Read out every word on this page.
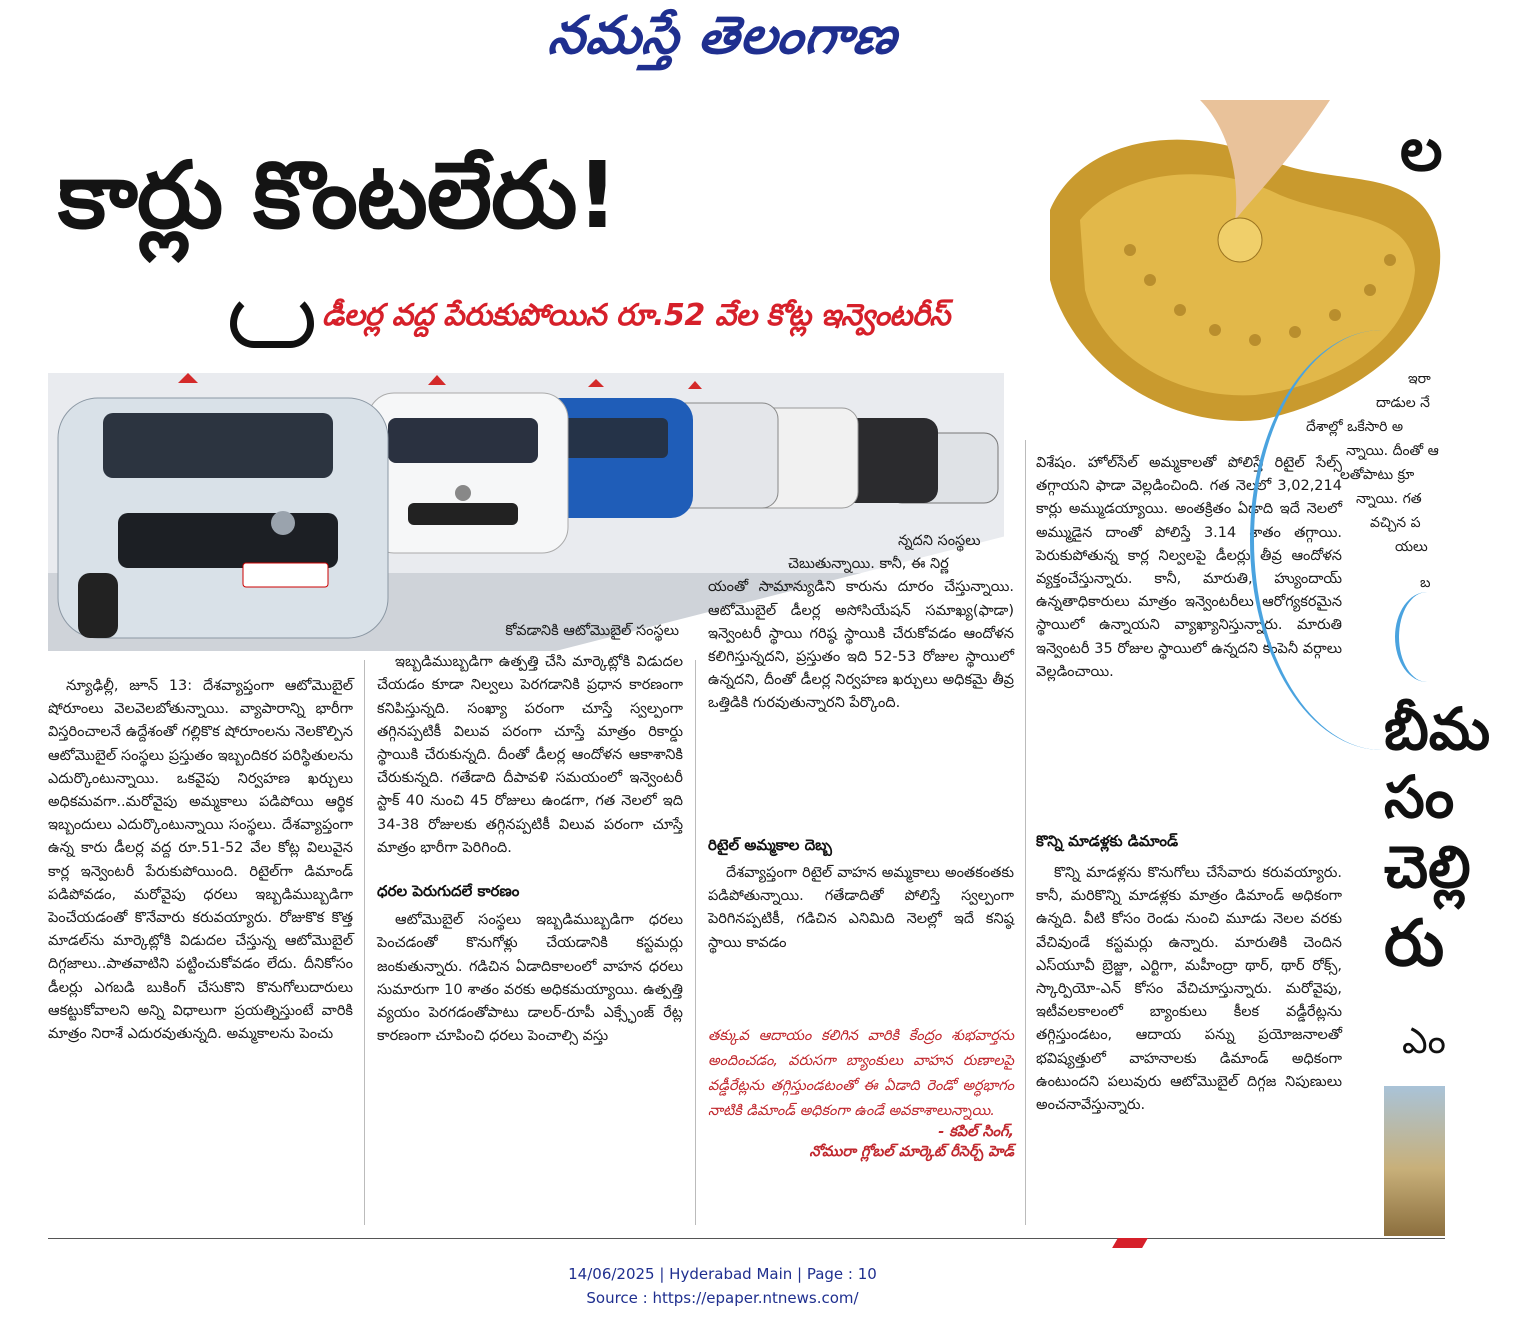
నమస్తే తెలంగాణ
కార్లు కొంటలేరు!
డీలర్ల వద్ద పేరుకుపోయిన రూ.52 వేల కోట్ల ఇన్వెంటరీస్

న్యూఢిల్లీ, జూన్ 13: దేశవ్యాప్తంగా ఆటోమొబైల్ షోరూంలు వెలవెలబోతున్నాయి. వ్యాపారాన్ని భారీగా విస్తరించాలనే ఉద్దేశంతో గల్లికొక షోరూంలను నెలకొల్పిన ఆటోమొబైల్ సంస్థలు ప్రస్తుతం ఇబ్బందికర పరిస్థితులను ఎదుర్కొంటున్నాయి. ఒకవైపు నిర్వహణ ఖర్చులు అధికమవగా..మరోవైపు అమ్మకాలు పడిపోయి ఆర్థిక ఇబ్బందులు ఎదుర్కొంటున్నాయి సంస్థలు. దేశవ్యాప్తంగా ఉన్న కారు డీలర్ల వద్ద రూ.51-52 వేల కోట్ల విలువైన కార్ల ఇన్వెంటరీ పేరుకుపోయింది. రిటైల్‌గా డిమాండ్ పడిపోవడం, మరోవైపు ధరలు ఇబ్బడిముబ్బడిగా పెంచేయడంతో కొనేవారు కరువయ్యారు. రోజుకొక కొత్త మాడల్‌ను మార్కెట్లోకి విడుదల చేస్తున్న ఆటోమొబైల్ దిగ్గజాలు..పాతవాటిని పట్టించుకోవడం లేదు. దీనికోసం డీలర్లు ఎగబడి బుకింగ్ చేసుకొని కొనుగోలుదారులు ఆకట్టుకోవాలని అన్ని విధాలుగా ప్రయత్నిస్తుంటే వారికి మాత్రం నిరాశే ఎదురవుతున్నది. అమ్మకాలను పెంచు

కోవడానికి ఆటోమొబైల్ సంస్థలు

ఇబ్బడిముబ్బడిగా ఉత్పత్తి చేసి మార్కెట్లోకి విడుదల చేయడం కూడా నిల్వలు పెరగడానికి ప్రధాన కారణంగా కనిపిస్తున్నది. సంఖ్యా పరంగా చూస్తే స్వల్పంగా తగ్గినప్పటికీ విలువ పరంగా చూస్తే మాత్రం రికార్డు స్థాయికి చేరుకున్నది. దీంతో డీలర్ల ఆందోళన ఆకాశానికి చేరుకున్నది. గతేడాది దీపావళి సమయంలో ఇన్వెంటరీ స్టాక్ 40 నుంచి 45 రోజులు ఉండగా, గత నెలలో ఇది 34-38 రోజులకు తగ్గినప్పటికీ విలువ పరంగా చూస్తే మాత్రం భారీగా పెరిగింది.

ధరల పెరుగుదలే కారణం

ఆటోమొబైల్ సంస్థలు ఇబ్బడిముబ్బడిగా ధరలు పెంచడంతో కొనుగోళ్లు చేయడానికి కస్టమర్లు జంకుతున్నారు. గడిచిన ఏడాదికాలంలో వాహన ధరలు సుమారుగా 10 శాతం వరకు అధికమయ్యాయి. ఉత్పత్తి వ్యయం పెరగడంతోపాటు డాలర్-రూపీ ఎక్స్ఛేంజ్ రేట్ల కారణంగా చూపించి ధరలు పెంచాల్సి వస్తు

న్నదని సంస్థలు
చెబుతున్నాయి. కానీ, ఈ నిర్ణ

యంతో సామాన్యుడిని కారును దూరం చేస్తున్నాయి. ఆటోమొబైల్ డీలర్ల అసోసియేషన్ సమాఖ్య(ఫాడా) ఇన్వెంటరీ స్థాయి గరిష్ఠ స్థాయికి చేరుకోవడం ఆందోళన కలిగిస్తున్నదని, ప్రస్తుతం ఇది 52-53 రోజుల స్థాయిలో ఉన్నదని, దీంతో డీలర్ల నిర్వహణ ఖర్చులు అధికమై తీవ్ర ఒత్తిడికి గురవుతున్నారని పేర్కొంది.

రిటైల్ అమ్మకాల దెబ్బ

దేశవ్యాప్తంగా రిటైల్ వాహన అమ్మకాలు అంతకంతకు పడిపోతున్నాయి. గతేడాదితో పోలిస్తే స్వల్పంగా పెరిగినప్పటికీ, గడిచిన ఎనిమిది నెలల్లో ఇదే కనిష్ఠ స్థాయి కావడం

తక్కువ ఆదాయం కలిగిన వారికి కేంద్రం శుభవార్తను అందించడం, వరుసగా బ్యాంకులు వాహన రుణాలపై వడ్డీరేట్లను తగ్గిస్తుండటంతో ఈ ఏడాది రెండో అర్ధభాగం నాటికి డిమాండ్ అధికంగా ఉండే అవకాశాలున్నాయి.
- కపిల్ సింగ్,
నోమురా గ్లోబల్ మార్కెట్ రీసెర్చ్ హెడ్

విశేషం. హోల్‌సేల్ అమ్మకాలతో పోలిస్తే రిటైల్ సేల్స్ తగ్గాయని ఫాడా వెల్లడించింది. గత నెలలో 3,02,214 కార్లు అమ్ముడయ్యాయి. అంతక్రితం ఏడాది ఇదే నెలలో అమ్ముడైన దాంతో పోలిస్తే 3.14 శాతం తగ్గాయి. పెరుకుపోతున్న కార్ల నిల్వలపై డీలర్లు తీవ్ర ఆందోళన వ్యక్తంచేస్తున్నారు. కానీ, మారుతి, హ్యుందాయ్ ఉన్నతాధికారులు మాత్రం ఇన్వెంటరీలు ఆరోగ్యకరమైన స్థాయిలో ఉన్నాయని వ్యాఖ్యానిస్తున్నారు. మారుతి ఇన్వెంటరీ 35 రోజుల స్థాయిలో ఉన్నదని కంపెనీ వర్గాలు వెల్లడించాయి.

కొన్ని మాడళ్లకు డిమాండ్

కొన్ని మాడళ్లను కొనుగోలు చేసేవారు కరువయ్యారు. కానీ, మరికొన్ని మాడళ్లకు మాత్రం డిమాండ్ అధికంగా ఉన్నది. వీటి కోసం రెండు నుంచి మూడు నెలల వరకు వేచివుండే కస్టమర్లు ఉన్నారు. మారుతికి చెందిన ఎస్‌యూవీ బ్రెజ్జా, ఎర్టిగా, మహీంద్రా థార్, థార్ రోక్స్, స్కార్పియో-ఎన్ కోసం వేచిచూస్తున్నారు. మరోవైపు, ఇటీవలకాలంలో బ్యాంకులు కీలక వడ్డీరేట్లను తగ్గిస్తుండటం, ఆదాయ పన్ను ప్రయోజనాలతో భవిష్యత్తులో వాహనాలకు డిమాండ్ అధికంగా ఉంటుందని పలువురు ఆటోమొబైల్ దిగ్గజ నిపుణులు అంచనావేస్తున్నారు.

ల
ఇరా
దాడుల నే
దేశాల్లో ఒకేసారి అ
న్నాయి. దీంతో ఆ
లతోపాటు క్రూ
న్నాయి. గత
వచ్చిన ప
యలు
బ
బీమ
సం
చెల్లి
రు
ఎం
14/06/2025 | Hyderabad Main | Page : 10
Source : https://epaper.ntnews.com/
